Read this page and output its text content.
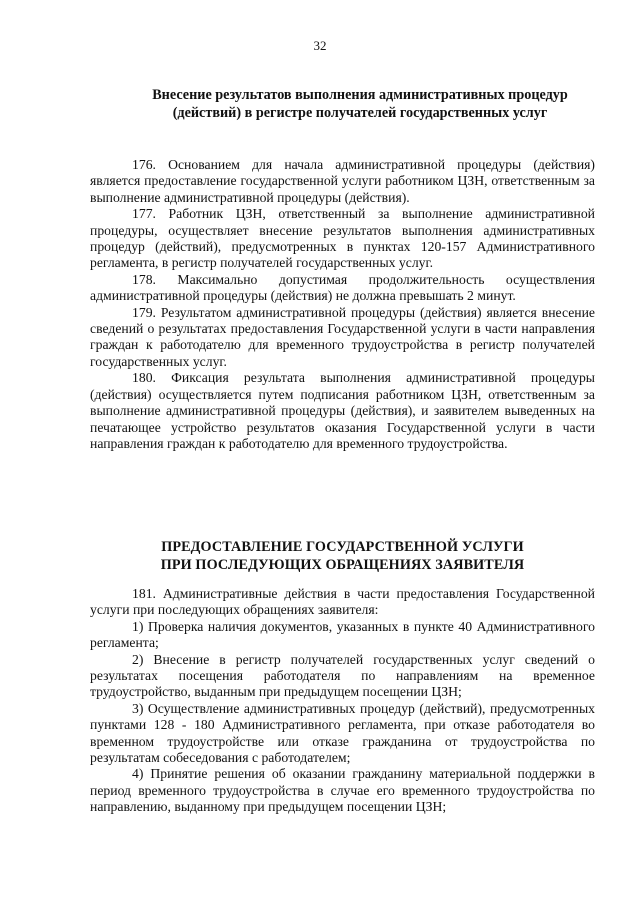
32
Внесение результатов выполнения административных процедур
(действий) в регистре получателей государственных услуг

176. Основанием для начала административной процедуры (действия) является предоставление государственной услуги работником ЦЗН, ответственным за выполнение административной процедуры (действия).

177. Работник ЦЗН, ответственный за выполнение административной процедуры, осуществляет внесение результатов выполнения административных процедур (действий), предусмотренных в пунктах 120-157 Административного регламента, в регистр получателей государственных услуг.

178. Максимально допустимая продолжительность осуществления административной процедуры (действия) не должна превышать 2 минут.

179. Результатом административной процедуры (действия) является внесение сведений о результатах предоставления Государственной услуги в части направления граждан к работодателю для временного трудоустройства в регистр получателей государственных услуг.

180. Фиксация результата выполнения административной процедуры (действия) осуществляется путем подписания работником ЦЗН, ответственным за выполнение административной процедуры (действия), и заявителем выведенных на печатающее устройство результатов оказания Государственной услуги в части направления граждан к работодателю для временного трудоустройства.

ПРЕДОСТАВЛЕНИЕ ГОСУДАРСТВЕННОЙ УСЛУГИ
ПРИ ПОСЛЕДУЮЩИХ ОБРАЩЕНИЯХ ЗАЯВИТЕЛЯ

181. Административные действия в части предоставления Государственной услуги при последующих обращениях заявителя:

1) Проверка наличия документов, указанных в пункте 40 Административного регламента;

2) Внесение в регистр получателей государственных услуг сведений о результатах посещения работодателя по направлениям на временное трудоустройство, выданным при предыдущем посещении ЦЗН;

3) Осуществление административных процедур (действий), предусмотренных пунктами 128 - 180 Административного регламента, при отказе работодателя во временном трудоустройстве или отказе гражданина от трудоустройства по результатам собеседования с работодателем;

4) Принятие решения об оказании гражданину материальной поддержки в период временного трудоустройства в случае его временного трудоустройства по направлению, выданному при предыдущем посещении ЦЗН;
